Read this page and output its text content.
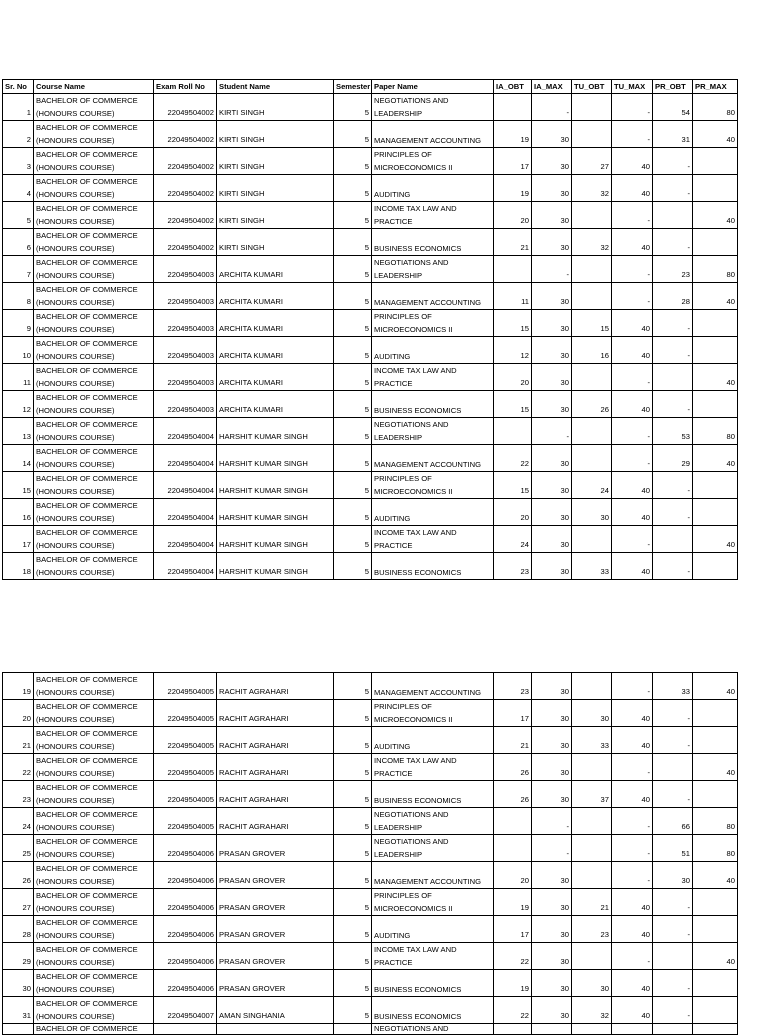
Sr. No	Course Name	Exam Roll No	Student Name	Semester	Paper Name	IA_OBT	IA_MAX	TU_OBT	TU_MAX	PR_OBT	PR_MAX
1	BACHELOR OF COMMERCE (HONOURS COURSE)	22049504002	KIRTI SINGH	5	NEGOTIATIONS AND LEADERSHIP		-		-	54	80
2	BACHELOR OF COMMERCE (HONOURS COURSE)	22049504002	KIRTI SINGH	5	MANAGEMENT ACCOUNTING	19	30		-	31	40
3	BACHELOR OF COMMERCE (HONOURS COURSE)	22049504002	KIRTI SINGH	5	PRINCIPLES OF MICROECONOMICS II	17	30	27	40	-	
4	BACHELOR OF COMMERCE (HONOURS COURSE)	22049504002	KIRTI SINGH	5	AUDITING	19	30	32	40	-	
5	BACHELOR OF COMMERCE (HONOURS COURSE)	22049504002	KIRTI SINGH	5	INCOME TAX LAW AND PRACTICE	20	30		-		40
6	BACHELOR OF COMMERCE (HONOURS COURSE)	22049504002	KIRTI SINGH	5	BUSINESS ECONOMICS	21	30	32	40	-	
7	BACHELOR OF COMMERCE (HONOURS COURSE)	22049504003	ARCHITA KUMARI	5	NEGOTIATIONS AND LEADERSHIP		-		-	23	80
8	BACHELOR OF COMMERCE (HONOURS COURSE)	22049504003	ARCHITA KUMARI	5	MANAGEMENT ACCOUNTING	11	30		-	28	40
9	BACHELOR OF COMMERCE (HONOURS COURSE)	22049504003	ARCHITA KUMARI	5	PRINCIPLES OF MICROECONOMICS II	15	30	15	40	-	
10	BACHELOR OF COMMERCE (HONOURS COURSE)	22049504003	ARCHITA KUMARI	5	AUDITING	12	30	16	40	-	
11	BACHELOR OF COMMERCE (HONOURS COURSE)	22049504003	ARCHITA KUMARI	5	INCOME TAX LAW AND PRACTICE	20	30		-		40
12	BACHELOR OF COMMERCE (HONOURS COURSE)	22049504003	ARCHITA KUMARI	5	BUSINESS ECONOMICS	15	30	26	40	-	
13	BACHELOR OF COMMERCE (HONOURS COURSE)	22049504004	HARSHIT KUMAR SINGH	5	NEGOTIATIONS AND LEADERSHIP		-		-	53	80
14	BACHELOR OF COMMERCE (HONOURS COURSE)	22049504004	HARSHIT KUMAR SINGH	5	MANAGEMENT ACCOUNTING	22	30		-	29	40
15	BACHELOR OF COMMERCE (HONOURS COURSE)	22049504004	HARSHIT KUMAR SINGH	5	PRINCIPLES OF MICROECONOMICS II	15	30	24	40	-	
16	BACHELOR OF COMMERCE (HONOURS COURSE)	22049504004	HARSHIT KUMAR SINGH	5	AUDITING	20	30	30	40	-	
17	BACHELOR OF COMMERCE (HONOURS COURSE)	22049504004	HARSHIT KUMAR SINGH	5	INCOME TAX LAW AND PRACTICE	24	30		-		40
18	BACHELOR OF COMMERCE (HONOURS COURSE)	22049504004	HARSHIT KUMAR SINGH	5	BUSINESS ECONOMICS	23	30	33	40	-	
19	BACHELOR OF COMMERCE (HONOURS COURSE)	22049504005	RACHIT AGRAHARI	5	MANAGEMENT ACCOUNTING	23	30		-	33	40
20	BACHELOR OF COMMERCE (HONOURS COURSE)	22049504005	RACHIT AGRAHARI	5	PRINCIPLES OF MICROECONOMICS II	17	30	30	40	-	
21	BACHELOR OF COMMERCE (HONOURS COURSE)	22049504005	RACHIT AGRAHARI	5	AUDITING	21	30	33	40	-	
22	BACHELOR OF COMMERCE (HONOURS COURSE)	22049504005	RACHIT AGRAHARI	5	INCOME TAX LAW AND PRACTICE	26	30		-		40
23	BACHELOR OF COMMERCE (HONOURS COURSE)	22049504005	RACHIT AGRAHARI	5	BUSINESS ECONOMICS	26	30	37	40	-	
24	BACHELOR OF COMMERCE (HONOURS COURSE)	22049504005	RACHIT AGRAHARI	5	NEGOTIATIONS AND LEADERSHIP		-		-	66	80
25	BACHELOR OF COMMERCE (HONOURS COURSE)	22049504006	PRASAN GROVER	5	NEGOTIATIONS AND LEADERSHIP		-		-	51	80
26	BACHELOR OF COMMERCE (HONOURS COURSE)	22049504006	PRASAN GROVER	5	MANAGEMENT ACCOUNTING	20	30		-	30	40
27	BACHELOR OF COMMERCE (HONOURS COURSE)	22049504006	PRASAN GROVER	5	PRINCIPLES OF MICROECONOMICS II	19	30	21	40	-	
28	BACHELOR OF COMMERCE (HONOURS COURSE)	22049504006	PRASAN GROVER	5	AUDITING	17	30	23	40	-	
29	BACHELOR OF COMMERCE (HONOURS COURSE)	22049504006	PRASAN GROVER	5	INCOME TAX LAW AND PRACTICE	22	30		-		40
30	BACHELOR OF COMMERCE (HONOURS COURSE)	22049504006	PRASAN GROVER	5	BUSINESS ECONOMICS	19	30	30	40	-	
31	BACHELOR OF COMMERCE (HONOURS COURSE)	22049504007	AMAN SINGHANIA	5	BUSINESS ECONOMICS	22	30	32	40	-	
	BACHELOR OF COMMERCE				NEGOTIATIONS AND						
